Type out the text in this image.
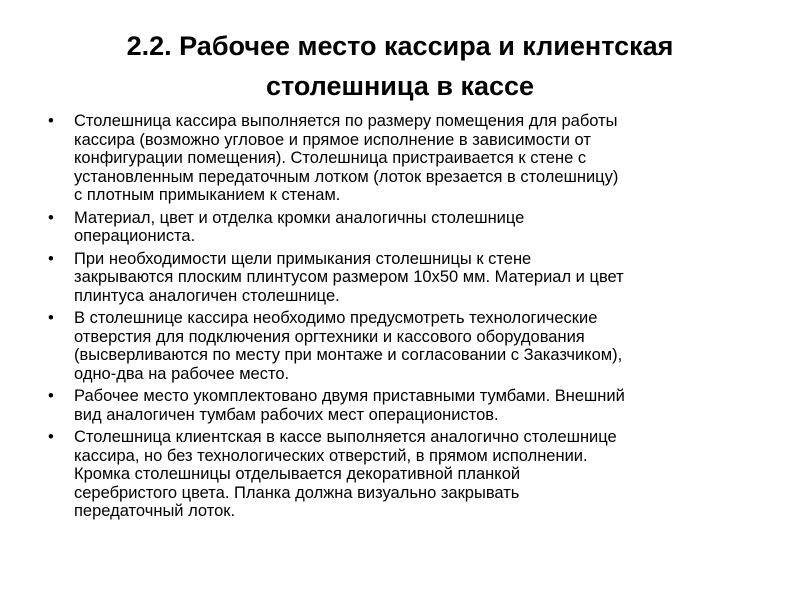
2.2. Рабочее место кассира и клиентская
столешница в кассе
• Столешница кассира выполняется по размеру помещения для работы
кассира (возможно угловое и прямое исполнение в зависимости от
конфигурации помещения). Столешница пристраивается к стене с
установленным передаточным лотком (лоток врезается в столешницу)
с плотным примыканием к стенам.
• Материал, цвет и отделка кромки аналогичны столешнице
операциониста.
• При необходимости щели примыкания столешницы к стене
закрываются плоским плинтусом размером 10х50 мм. Материал и цвет
плинтуса аналогичен столешнице.
• В столешнице кассира необходимо предусмотреть технологические
отверстия для подключения оргтехники и кассового оборудования
(высверливаются по месту при монтаже и согласовании с Заказчиком),
одно-два на рабочее место.
• Рабочее место укомплектовано двумя приставными тумбами. Внешний
вид аналогичен тумбам рабочих мест операционистов.
• Столешница клиентская в кассе выполняется аналогично столешнице
кассира, но без технологических отверстий, в прямом исполнении.
Кромка столешницы отделывается декоративной планкой
серебристого цвета. Планка должна визуально закрывать
передаточный лоток.
